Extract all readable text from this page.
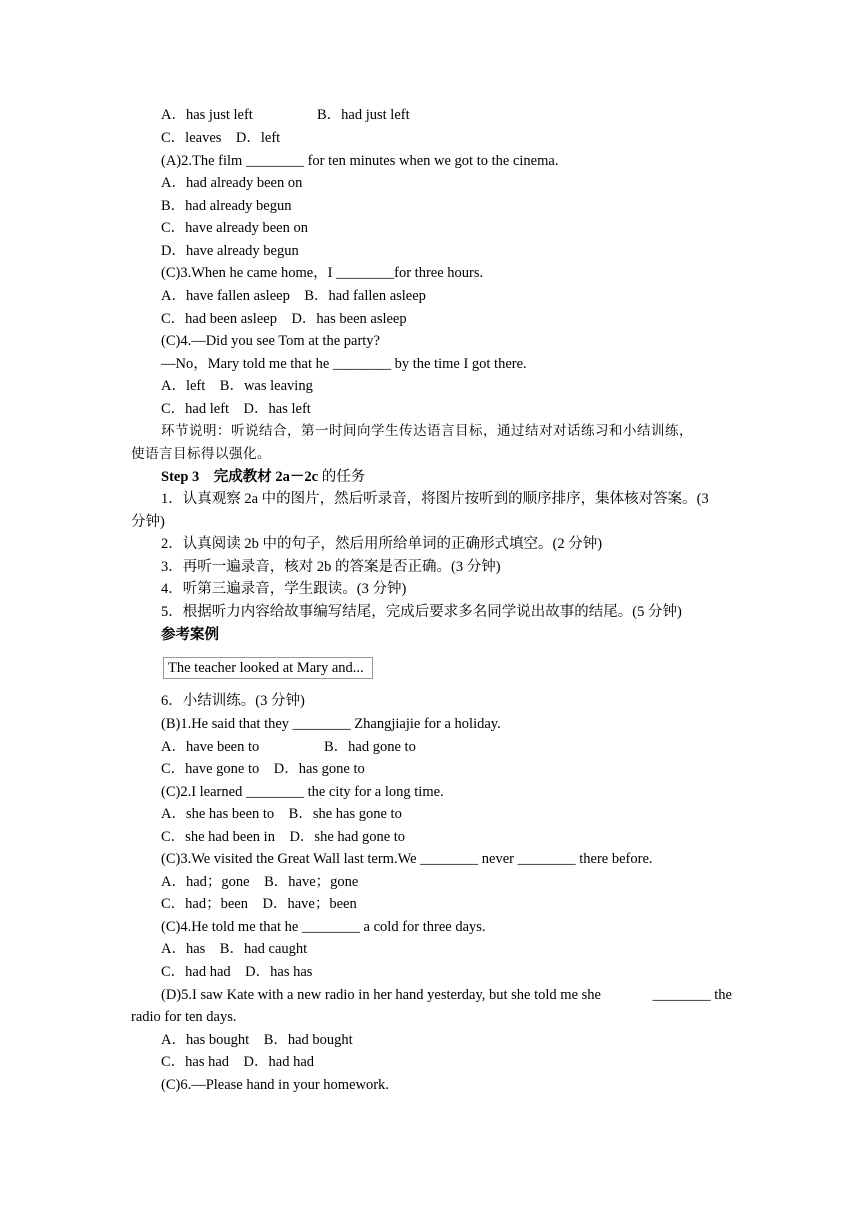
A．has just left	B．had just left
C．leaves　D．left
(A)2.The film ________ for ten minutes when we got to the cinema.
A．had already been on
B．had already begun
C．have already been on
D．have already begun
(C)3.When he came home，I ________for three hours.
A．have fallen asleep　B．had fallen asleep
C．had been asleep　D．has been asleep
(C)4.—Did you see Tom at the party?
—No，Mary told me that he ________ by the time I got there.
A．left　B．was leaving
C．had left　D．has left
环节说明：听说结合，第一时间向学生传达语言目标，通过结对对话练习和小结训练，
使语言目标得以强化。
Step 3　完成教材 2a－2c 的任务
1．认真观察 2a 中的图片，然后听录音，将图片按听到的顺序排序，集体核对答案。(3
分钟)
2．认真阅读 2b 中的句子，然后用所给单词的正确形式填空。(2 分钟)
3．再听一遍录音，核对 2b 的答案是否正确。(3 分钟)
4．听第三遍录音，学生跟读。(3 分钟)
5．根据听力内容给故事编写结尾，完成后要求多名同学说出故事的结尾。(5 分钟)
参考案例
The teacher looked at Mary and...
6．小结训练。(3 分钟)
(B)1.He said that they ________ Zhangjiajie for a holiday.
A．have been to	B．had gone to
C．have gone to　D．has gone to
(C)2.I learned ________ the city for a long time.
A．she has been to　B．she has gone to
C．she had been in　D．she had gone to
(C)3.We visited the Great Wall last term.We ________ never ________ there before.
A．had；gone　B．have；gone
C．had；been　D．have；been
(C)4.He told me that he ________ a cold for three days.
A．has　B．had caught
C．had had　D．has has
(D)5.I saw Kate with a new radio in her hand yesterday, but she told me she	________ the
radio for ten days.
A．has bought　B．had bought
C．has had　D．had had
(C)6.—Please hand in your homework.
